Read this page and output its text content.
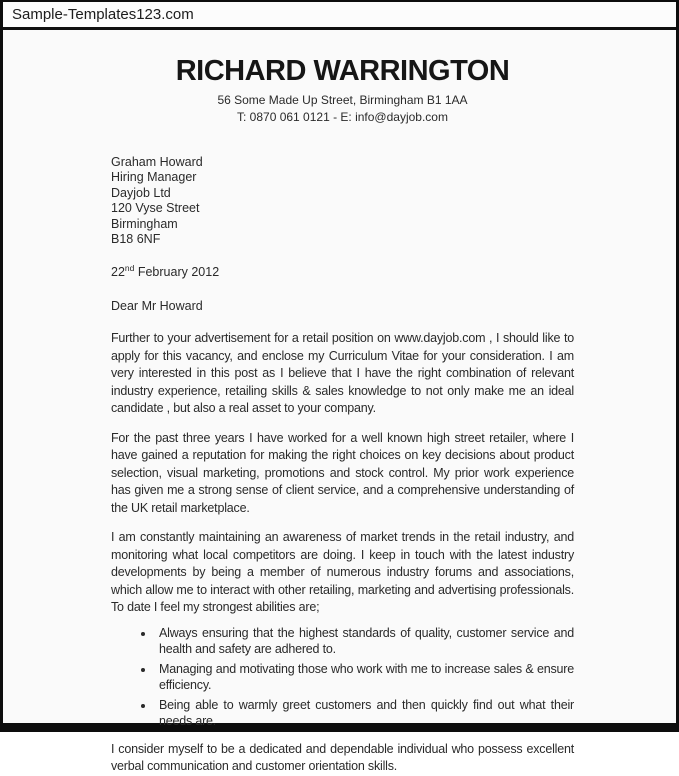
Sample-Templates123.com
RICHARD WARRINGTON
56 Some Made Up Street, Birmingham B1 1AA
T: 0870 061 0121 - E: info@dayjob.com
Graham Howard
Hiring Manager
Dayjob Ltd
120 Vyse Street
Birmingham
B18 6NF
22nd February 2012
Dear Mr Howard

Further to your advertisement for a retail position on www.dayjob.com , I should like to apply for this vacancy, and enclose my Curriculum Vitae for your consideration. I am very interested in this post as I believe that I have the right combination of relevant industry experience, retailing skills & sales knowledge to not only make me an ideal candidate , but also a real asset to your company.

For the past three years I have worked for a well known high street retailer, where I have gained a reputation for making the right choices on key decisions about product selection, visual marketing, promotions and stock control. My prior work experience has given me a strong sense of client service, and a comprehensive understanding of the UK retail marketplace.

I am constantly maintaining an awareness of market trends in the retail industry, and monitoring what local competitors are doing. I keep in touch with the latest industry developments by being a member of numerous industry forums and associations, which allow me to interact with other retailing, marketing and advertising professionals. To date I feel my strongest abilities are;

• Always ensuring that the highest standards of quality, customer service and health and safety are adhered to.
• Managing and motivating those who work with me to increase sales & ensure efficiency.
• Being able to warmly greet customers and then quickly find out what their needs are.

I consider myself to be a dedicated and dependable individual who possess excellent verbal communication and customer orientation skills.
